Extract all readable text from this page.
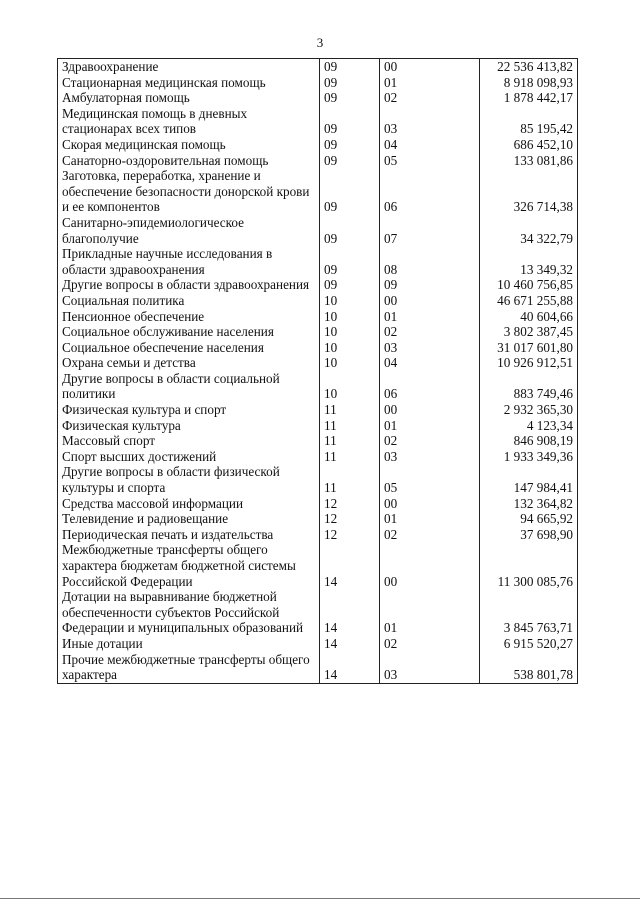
3
Здравоохранение	09	00	22 536 413,82
Стационарная медицинская помощь	09	01	8 918 098,93
Амбулаторная помощь	09	02	1 878 442,17
Медицинская помощь в дневных стационарах всех типов	09	03	85 195,42
Скорая медицинская помощь	09	04	686 452,10
Санаторно-оздоровительная помощь	09	05	133 081,86
Заготовка, переработка, хранение и обеспечение безопасности донорской крови и ее компонентов	09	06	326 714,38
Санитарно-эпидемиологическое благополучие	09	07	34 322,79
Прикладные научные исследования в области здравоохранения	09	08	13 349,32
Другие вопросы в области здравоохранения	09	09	10 460 756,85
Социальная политика	10	00	46 671 255,88
Пенсионное обеспечение	10	01	40 604,66
Социальное обслуживание населения	10	02	3 802 387,45
Социальное обеспечение населения	10	03	31 017 601,80
Охрана семьи и детства	10	04	10 926 912,51
Другие вопросы в области социальной политики	10	06	883 749,46
Физическая культура и спорт	11	00	2 932 365,30
Физическая культура	11	01	4 123,34
Массовый спорт	11	02	846 908,19
Спорт высших достижений	11	03	1 933 349,36
Другие вопросы в области физической культуры и спорта	11	05	147 984,41
Средства массовой информации	12	00	132 364,82
Телевидение и радиовещание	12	01	94 665,92
Периодическая печать и издательства	12	02	37 698,90
Межбюджетные трансферты общего характера бюджетам бюджетной системы Российской Федерации	14	00	11 300 085,76
Дотации на выравнивание бюджетной обеспеченности субъектов Российской Федерации и муниципальных образований	14	01	3 845 763,71
Иные дотации	14	02	6 915 520,27
Прочие межбюджетные трансферты общего характера	14	03	538 801,78
